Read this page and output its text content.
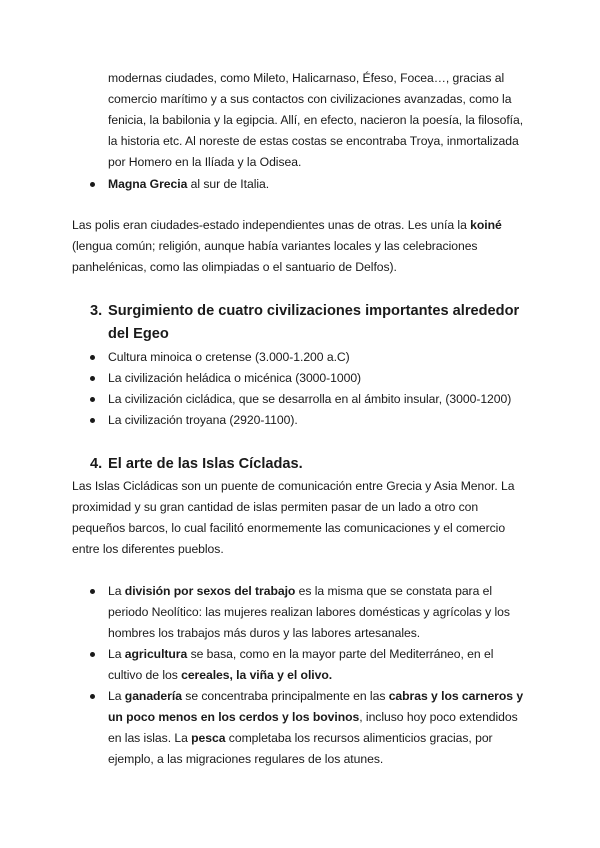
modernas ciudades, como Mileto, Halicarnaso, Éfeso, Focea…, gracias al
comercio marítimo y a sus contactos con civilizaciones avanzadas, como la
fenicia, la babilonia y la egipcia. Allí, en efecto, nacieron la poesía, la filosofía,
la historia etc. Al noreste de estas costas se encontraba Troya, inmortalizada
por Homero en la Ilíada y la Odisea.
Magna Grecia al sur de Italia.
Las polis eran ciudades-estado independientes unas de otras. Les unía la koiné
(lengua común; religión, aunque había variantes locales y las celebraciones
panhelénicas, como las olimpiadas o el santuario de Delfos).
3. Surgimiento de cuatro civilizaciones importantes alrededor
del Egeo
Cultura minoica o cretense (3.000-1.200 a.C)
La civilización heládica o micénica (3000-1000)
La civilización cicládica, que se desarrolla en al ámbito insular, (3000-1200)
La civilización troyana (2920-1100).
4. El arte de las Islas Cícladas.
Las Islas Cicládicas son un puente de comunicación entre Grecia y Asia Menor. La
proximidad y su gran cantidad de islas permiten pasar de un lado a otro con
pequeños barcos, lo cual facilitó enormemente las comunicaciones y el comercio
entre los diferentes pueblos.
La división por sexos del trabajo es la misma que se constata para el
periodo Neolítico: las mujeres realizan labores domésticas y agrícolas y los
hombres los trabajos más duros y las labores artesanales.
La agricultura se basa, como en la mayor parte del Mediterráneo, en el
cultivo de los cereales, la viña y el olivo.
La ganadería se concentraba principalmente en las cabras y los carneros y
un poco menos en los cerdos y los bovinos, incluso hoy poco extendidos
en las islas. La pesca completaba los recursos alimenticios gracias, por
ejemplo, a las migraciones regulares de los atunes.
